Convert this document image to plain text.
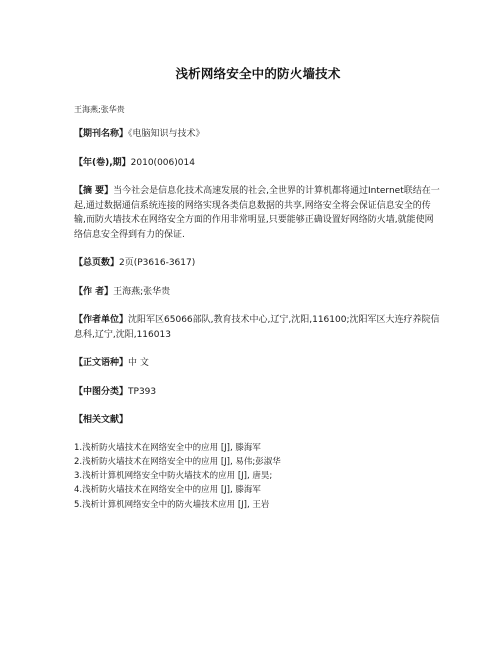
浅析网络安全中的防火墙技术
王海燕;张华贵
【期刊名称】《电脑知识与技术》
【年(卷),期】2010(006)014
【摘 要】当今社会是信息化技术高速发展的社会,全世界的计算机都将通过Internet联结在一起,通过数据通信系统连接的网络实现各类信息数据的共享,网络安全将会保证信息安全的传输,而防火墙技术在网络安全方面的作用非常明显,只要能够正确设置好网络防火墙,就能使网络信息安全得到有力的保证.
【总页数】2页(P3616-3617)
【作 者】王海燕;张华贵
【作者单位】沈阳军区65066部队,教育技术中心,辽宁,沈阳,116100;沈阳军区大连疗养院信息科,辽宁,沈阳,116013
【正文语种】中 文
【中图分类】TP393
【相关文献】
1.浅析防火墙技术在网络安全中的应用 [J], 滕海军
2.浅析防火墙技术在网络安全中的应用 [J], 易伟;彭淑华
3.浅析计算机网络安全中防火墙技术的应用 [J], 唐昊;
4.浅析防火墙技术在网络安全中的应用 [J], 滕海军
5.浅析计算机网络安全中的防火墙技术应用 [J], 王岩
